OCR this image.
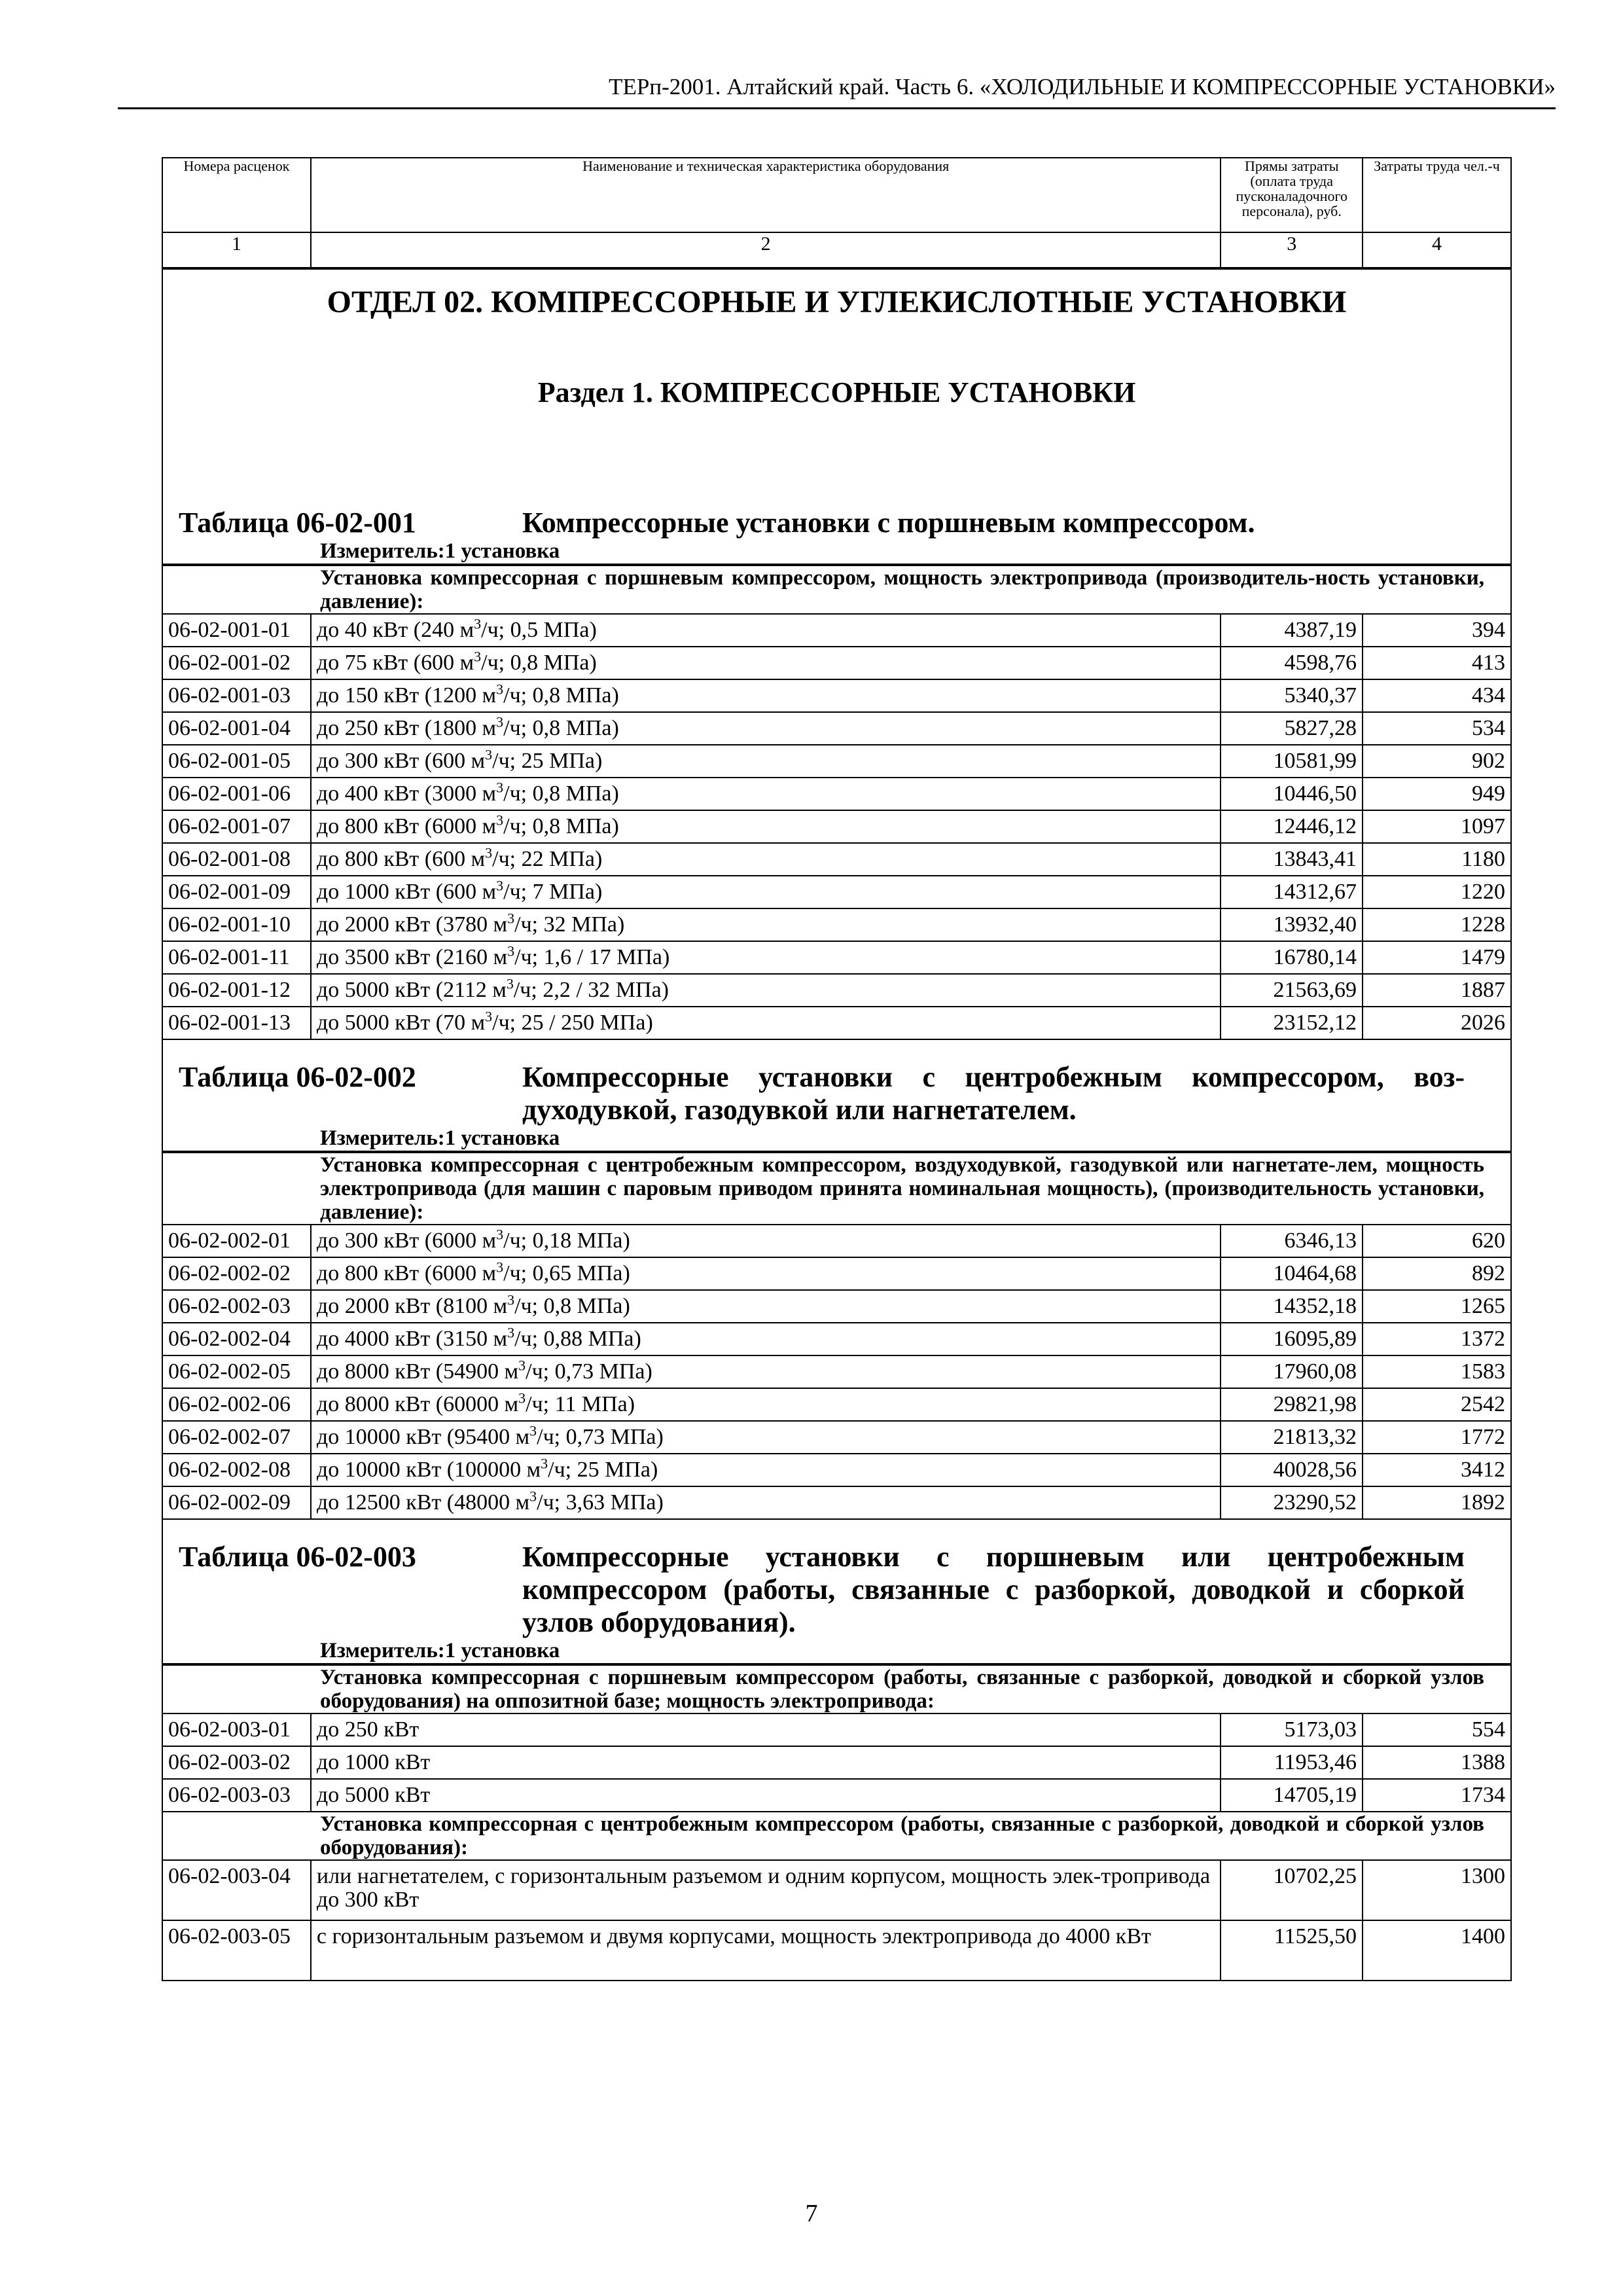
ТЕРп-2001. Алтайский край. Часть 6. «ХОЛОДИЛЬНЫЕ И КОМПРЕССОРНЫЕ УСТАНОВКИ»
Номера расценок	Наименование и техническая характеристика оборудования	Прямы затраты (оплата труда пусконаладочного персонала), руб.	Затраты труда чел.-ч
1	2	3	4
ОТДЕЛ 02. КОМПРЕССОРНЫЕ И УГЛЕКИСЛОТНЫЕ УСТАНОВКИ			
Раздел 1. КОМПРЕССОРНЫЕ УСТАНОВКИ			

Таблица 06-02-001 Компрессорные установки с поршневым компрессором.			

Измеритель:1 установка			
Установка компрессорная с поршневым компрессором, мощность электропривода (производитель-ность установки, давление):			
06-02-001-01	до 40 кВт (240 $м^3/ч$; 0,5 МПа)	4387,19	394
06-02-001-02	до 75 кВт (600 $м^3/ч$; 0,8 МПа)	4598,76	413
06-02-001-03	до 150 кВт (1200 $м^3/ч$; 0,8 МПа)	5340,37	434
06-02-001-04	до 250 кВт (1800 $м^3/ч$; 0,8 МПа)	5827,28	534
06-02-001-05	до 300 кВт (600 $м^3/ч$; 25 МПа)	10581,99	902
06-02-001-06	до 400 кВт (3000 $м^3/ч$; 0,8 МПа)	10446,50	949
06-02-001-07	до 800 кВт (6000 $м^3/ч$; 0,8 МПа)	12446,12	1097
06-02-001-08	до 800 кВт (600 $м^3/ч$; 22 МПа)	13843,41	1180
06-02-001-09	до 1000 кВт (600 $м^3/ч$; 7 МПа)	14312,67	1220
06-02-001-10	до 2000 кВт (3780 $м^3/ч$; 32 МПа)	13932,40	1228
06-02-001-11	до 3500 кВт (2160 $м^3/ч$; 1,6 / 17 МПа)	16780,14	1479
06-02-001-12	до 5000 кВт (2112 $м^3/ч$; 2,2 / 32 МПа)	21563,69	1887
06-02-001-13	до 5000 кВт (70 $м^3/ч$; 25 / 250 МПа)	23152,12	2026

Таблица 06-02-002 Компрессорные установки с центробежным компрессором, воз-духодувкой, газодувкой или нагнетателем.			

Измеритель:1 установка			
Установка компрессорная с центробежным компрессором, воздуходувкой, газодувкой или нагнетате-лем, мощность электропривода (для машин с паровым приводом принята номинальная мощность), (производительность установки, давление):			
06-02-002-01	до 300 кВт (6000 $м^3/ч$; 0,18 МПа)	6346,13	620
06-02-002-02	до 800 кВт (6000 $м^3/ч$; 0,65 МПа)	10464,68	892
06-02-002-03	до 2000 кВт (8100 $м^3/ч$; 0,8 МПа)	14352,18	1265
06-02-002-04	до 4000 кВт (3150 $м^3/ч$; 0,88 МПа)	16095,89	1372
06-02-002-05	до 8000 кВт (54900 $м^3/ч$; 0,73 МПа)	17960,08	1583
06-02-002-06	до 8000 кВт (60000 $м^3/ч$; 11 МПа)	29821,98	2542
06-02-002-07	до 10000 кВт (95400 $м^3/ч$; 0,73 МПа)	21813,32	1772
06-02-002-08	до 10000 кВт (100000 $м^3/ч$; 25 МПа)	40028,56	3412
06-02-002-09	до 12500 кВт (48000 $м^3/ч$; 3,63 МПа)	23290,52	1892

Таблица 06-02-003 Компрессорные установки с поршневым или центробежным компрессором (работы, связанные с разборкой, доводкой и сборкой узлов оборудования).			

Измеритель:1 установка			
Установка компрессорная с поршневым компрессором (работы, связанные с разборкой, доводкой и сборкой узлов оборудования) на оппозитной базе; мощность электропривода:			
06-02-003-01	до 250 кВт	5173,03	554
06-02-003-02	до 1000 кВт	11953,46	1388
06-02-003-03	до 5000 кВт	14705,19	1734
Установка компрессорная с центробежным компрессором (работы, связанные с разборкой, доводкой и сборкой узлов оборудования):			
06-02-003-04	или нагнетателем, с горизонтальным разъемом и одним корпусом, мощность элек-тропривода до 300 кВт	10702,25	1300
06-02-003-05	с горизонтальным разъемом и двумя корпусами, мощность электропривода до 4000 кВт	11525,50	1400
7
